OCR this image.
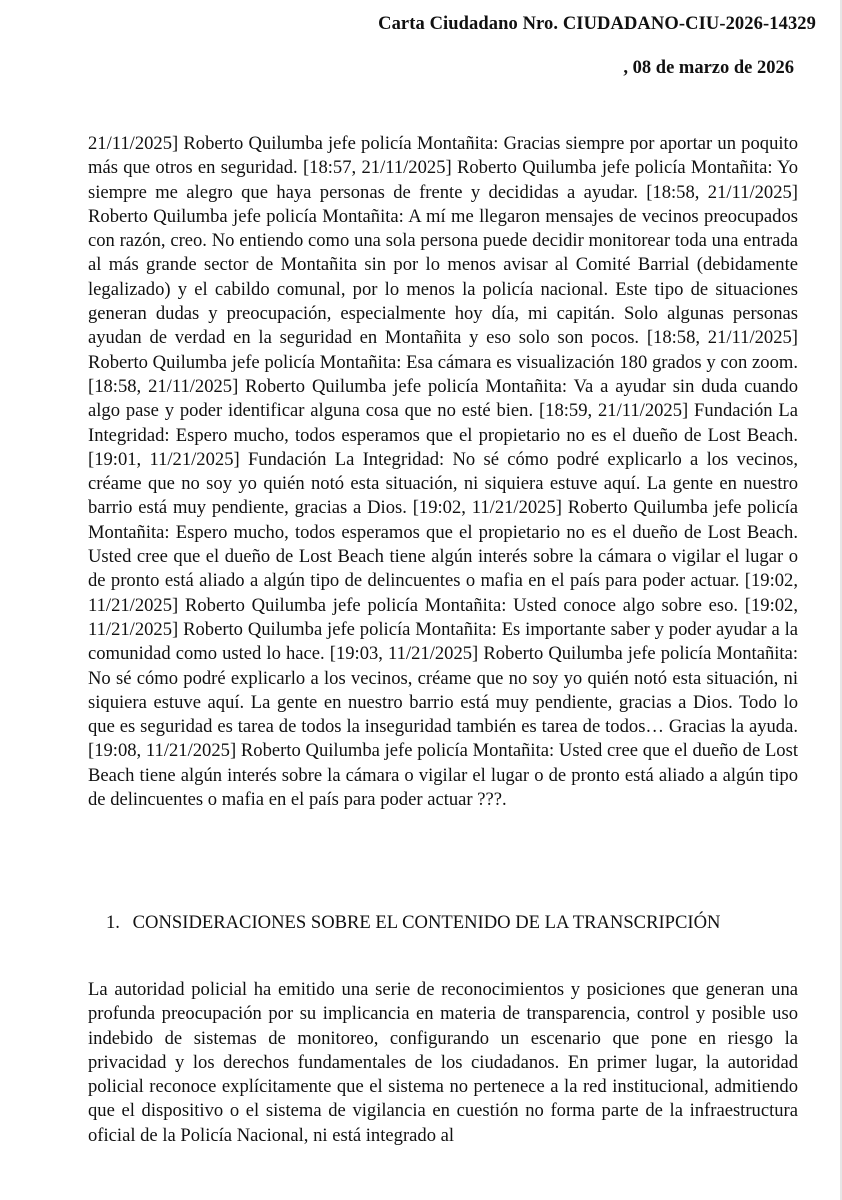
Carta Ciudadano Nro. CIUDADANO-CIU-2026-14329
, 08 de marzo de 2026

21/11/2025] Roberto Quilumba jefe policía Montañita: Gracias siempre por aportar un poquito más que otros en seguridad. [18:57, 21/11/2025] Roberto Quilumba jefe policía Montañita: Yo siempre me alegro que haya personas de frente y decididas a ayudar. [18:58, 21/11/2025] Roberto Quilumba jefe policía Montañita: A mí me llegaron mensajes de vecinos preocupados con razón, creo. No entiendo como una sola persona puede decidir monitorear toda una entrada al más grande sector de Montañita sin por lo menos avisar al Comité Barrial (debidamente legalizado) y el cabildo comunal, por lo menos la policía nacional. Este tipo de situaciones generan dudas y preocupación, especialmente hoy día, mi capitán. Solo algunas personas ayudan de verdad en la seguridad en Montañita y eso solo son pocos. [18:58, 21/11/2025] Roberto Quilumba jefe policía Montañita: Esa cámara es visualización 180 grados y con zoom. [18:58, 21/11/2025] Roberto Quilumba jefe policía Montañita: Va a ayudar sin duda cuando algo pase y poder identificar alguna cosa que no esté bien. [18:59, 21/11/2025] Fundación La Integridad: Espero mucho, todos esperamos que el propietario no es el dueño de Lost Beach. [19:01, 11/21/2025] Fundación La Integridad: No sé cómo podré explicarlo a los vecinos, créame que no soy yo quién notó esta situación, ni siquiera estuve aquí. La gente en nuestro barrio está muy pendiente, gracias a Dios. [19:02, 11/21/2025] Roberto Quilumba jefe policía Montañita: Espero mucho, todos esperamos que el propietario no es el dueño de Lost Beach. Usted cree que el dueño de Lost Beach tiene algún interés sobre la cámara o vigilar el lugar o de pronto está aliado a algún tipo de delincuentes o mafia en el país para poder actuar. [19:02, 11/21/2025] Roberto Quilumba jefe policía Montañita: Usted conoce algo sobre eso. [19:02, 11/21/2025] Roberto Quilumba jefe policía Montañita: Es importante saber y poder ayudar a la comunidad como usted lo hace. [19:03, 11/21/2025] Roberto Quilumba jefe policía Montañita: No sé cómo podré explicarlo a los vecinos, créame que no soy yo quién notó esta situación, ni siquiera estuve aquí. La gente en nuestro barrio está muy pendiente, gracias a Dios. Todo lo que es seguridad es tarea de todos la inseguridad también es tarea de todos… Gracias la ayuda. [19:08, 11/21/2025] Roberto Quilumba jefe policía Montañita: Usted cree que el dueño de Lost Beach tiene algún interés sobre la cámara o vigilar el lugar o de pronto está aliado a algún tipo de delincuentes o mafia en el país para poder actuar ???.

1. CONSIDERACIONES SOBRE EL CONTENIDO DE LA TRANSCRIPCIÓN

La autoridad policial ha emitido una serie de reconocimientos y posiciones que generan una profunda preocupación por su implicancia en materia de transparencia, control y posible uso indebido de sistemas de monitoreo, configurando un escenario que pone en riesgo la privacidad y los derechos fundamentales de los ciudadanos. En primer lugar, la autoridad policial reconoce explícitamente que el sistema no pertenece a la red institucional, admitiendo que el dispositivo o el sistema de vigilancia en cuestión no forma parte de la infraestructura oficial de la Policía Nacional, ni está integrado al
